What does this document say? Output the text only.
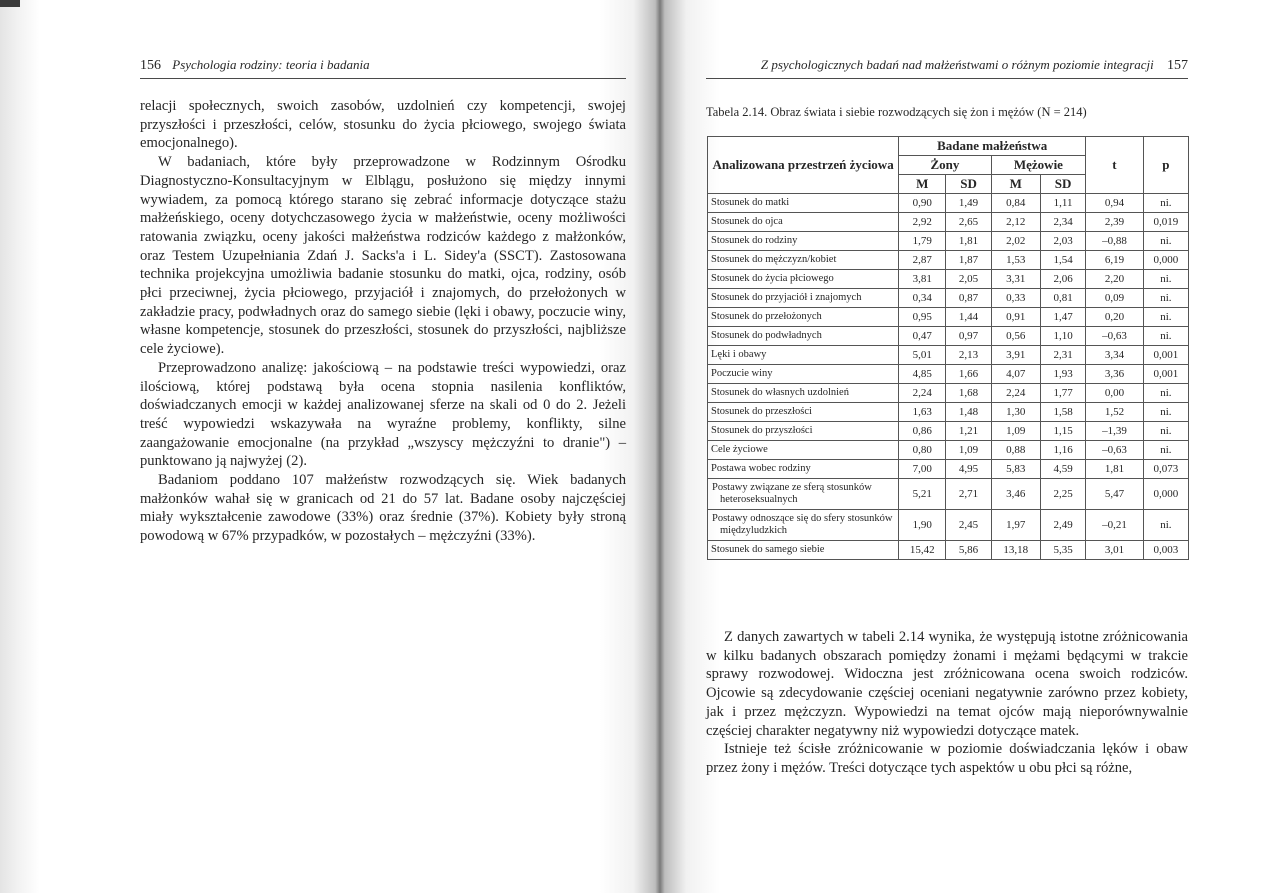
156 Psychologia rodziny: teoria i badania

relacji społecznych, swoich zasobów, uzdolnień czy kompetencji, swojej przyszłości i przeszłości, celów, stosunku do życia płciowego, swojego świata emocjonalnego).

W badaniach, które były przeprowadzone w Rodzinnym Ośrodku Diagnostyczno-Konsultacyjnym w Elblągu, posłużono się między innymi wywiadem, za pomocą którego starano się zebrać informacje dotyczące stażu małżeńskiego, oceny dotychczasowego życia w małżeństwie, oceny możliwości ratowania związku, oceny jakości małżeństwa rodziców każdego z małżonków, oraz Testem Uzupełniania Zdań J. Sacks'a i L. Sidey'a (SSCT). Zastosowana technika projekcyjna umożliwia badanie stosunku do matki, ojca, rodziny, osób płci przeciwnej, życia płciowego, przyjaciół i znajomych, do przełożonych w zakładzie pracy, podwładnych oraz do samego siebie (lęki i obawy, poczucie winy, własne kompetencje, stosunek do przeszłości, stosunek do przyszłości, najbliższe cele życiowe).

Przeprowadzono analizę: jakościową – na podstawie treści wypowiedzi, oraz ilościową, której podstawą była ocena stopnia nasilenia konfliktów, doświadczanych emocji w każdej analizowanej sferze na skali od 0 do 2. Jeżeli treść wypowiedzi wskazywała na wyraźne problemy, konflikty, silne zaangażowanie emocjonalne (na przykład „wszyscy mężczyźni to dranie") – punktowano ją najwyżej (2).

Badaniom poddano 107 małżeństw rozwodzących się. Wiek badanych małżonków wahał się w granicach od 21 do 57 lat. Badane osoby najczęściej miały wykształcenie zawodowe (33%) oraz średnie (37%). Kobiety były stroną powodową w 67% przypadków, w pozostałych – mężczyźni (33%).

Z psychologicznych badań nad małżeństwami o różnym poziomie integracji 157
Tabela 2.14. Obraz świata i siebie rozwodzących się żon i mężów (N = 214)
Analizowana przestrzeń życiowa	Badane małżeństwa				t	p
	Żony		Mężowie			
	M	SD	M	SD		
Stosunek do matki	0,90	1,49	0,84	1,11	0,94	ni.
Stosunek do ojca	2,92	2,65	2,12	2,34	2,39	0,019
Stosunek do rodziny	1,79	1,81	2,02	2,03	–0,88	ni.
Stosunek do mężczyzn/kobiet	2,87	1,87	1,53	1,54	6,19	0,000
Stosunek do życia płciowego	3,81	2,05	3,31	2,06	2,20	ni.
Stosunek do przyjaciół i znajomych	0,34	0,87	0,33	0,81	0,09	ni.
Stosunek do przełożonych	0,95	1,44	0,91	1,47	0,20	ni.
Stosunek do podwładnych	0,47	0,97	0,56	1,10	–0,63	ni.
Lęki i obawy	5,01	2,13	3,91	2,31	3,34	0,001
Poczucie winy	4,85	1,66	4,07	1,93	3,36	0,001
Stosunek do własnych uzdolnień	2,24	1,68	2,24	1,77	0,00	ni.
Stosunek do przeszłości	1,63	1,48	1,30	1,58	1,52	ni.
Stosunek do przyszłości	0,86	1,21	1,09	1,15	–1,39	ni.
Cele życiowe	0,80	1,09	0,88	1,16	–0,63	ni.
Postawa wobec rodziny	7,00	4,95	5,83	4,59	1,81	0,073
Postawy związane ze sferą stosunków heteroseksualnych	5,21	2,71	3,46	2,25	5,47	0,000
Postawy odnoszące się do sfery stosunków międzyludzkich	1,90	2,45	1,97	2,49	–0,21	ni.
Stosunek do samego siebie	15,42	5,86	13,18	5,35	3,01	0,003

Z danych zawartych w tabeli 2.14 wynika, że występują istotne zróżnicowania w kilku badanych obszarach pomiędzy żonami i mężami będącymi w trakcie sprawy rozwodowej. Widoczna jest zróżnicowana ocena swoich rodziców. Ojcowie są zdecydowanie częściej oceniani negatywnie zarówno przez kobiety, jak i przez mężczyzn. Wypowiedzi na temat ojców mają nieporównywalnie częściej charakter negatywny niż wypowiedzi dotyczące matek.

Istnieje też ścisłe zróżnicowanie w poziomie doświadczania lęków i obaw przez żony i mężów. Treści dotyczące tych aspektów u obu płci są różne,
